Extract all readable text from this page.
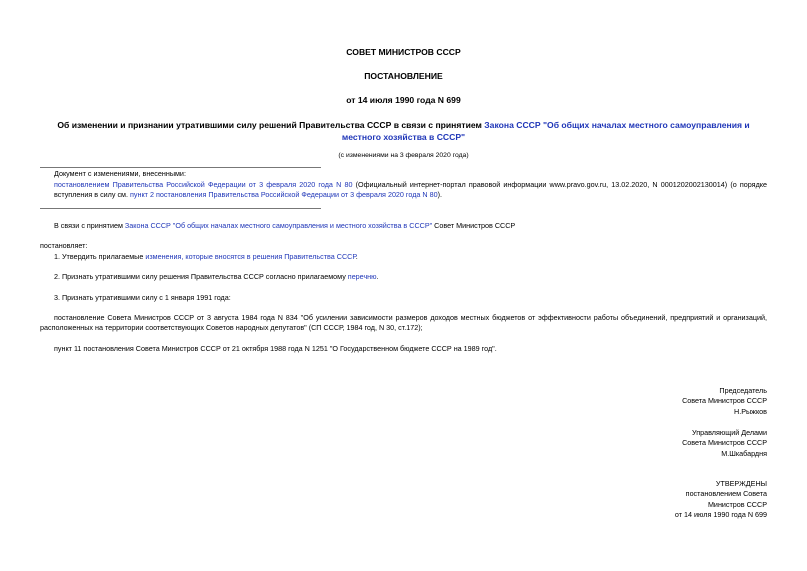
СОВЕТ МИНИСТРОВ СССР
ПОСТАНОВЛЕНИЕ
от 14 июля 1990 года N 699
Об изменении и признании утратившими силу решений Правительства СССР в связи с принятием Закона СССР "Об общих началах местного самоуправления и местного хозяйства в СССР"
(с изменениями на 3 февраля 2020 года)
Документ с изменениями, внесенными:
постановлением Правительства Российской Федерации от 3 февраля 2020 года N 80 (Официальный интернет-портал правовой информации www.pravo.gov.ru, 13.02.2020, N 0001202002130014) (о порядке вступления в силу см. пункт 2 постановления Правительства Российской Федерации от 3 февраля 2020 года N 80).
В связи с принятием Закона СССР "Об общих началах местного самоуправления и местного хозяйства в СССР" Совет Министров СССР
постановляет:
1. Утвердить прилагаемые изменения, которые вносятся в решения Правительства СССР.
2. Признать утратившими силу решения Правительства СССР согласно прилагаемому перечню.
3. Признать утратившими силу с 1 января 1991 года:
постановление Совета Министров СССР от 3 августа 1984 года N 834 "Об усилении зависимости размеров доходов местных бюджетов от эффективности работы объединений, предприятий и организаций, расположенных на территории соответствующих Советов народных депутатов" (СП СССР, 1984 год, N 30, ст.172);
пункт 11 постановления Совета Министров СССР от 21 октября 1988 года N 1251 "О Государственном бюджете СССР на 1989 год".
Председатель
Совета Министров СССР
Н.Рыжков
Управляющий Делами
Совета Министров СССР
М.Шкабардня
УТВЕРЖДЕНЫ
постановлением Совета
Министров СССР
от 14 июля 1990 года N 699
